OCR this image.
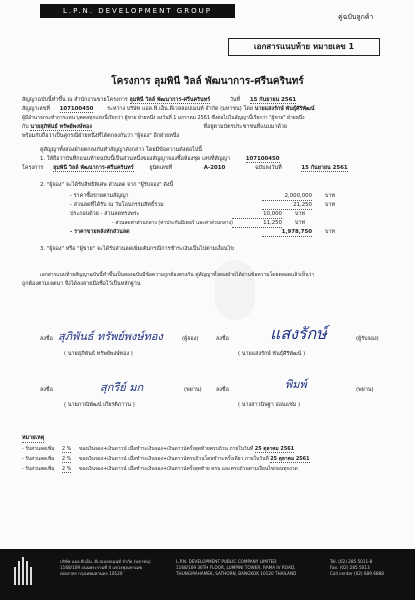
L.P.N. DEVELOPMENT GROUP
คู่ฉบับลูกค้า
เอกสารแนบท้าย หมายเลข 1
โครงการ ลุมพินี วิลล์ พัฒนาการ-ศรีนครินทร์
สัญญาฉบับนี้ทำขึ้น ณ สำนักงานขายโครงการ ลุมพินี วิลล์ พัฒนาการ-ศรีนครินทร์	วันที่ 15 กันยายน 2561
สัญญาเลขที่ 107100450	ระหว่าง บริษัท แอล.พี.เอ็น.ดีเวลลอปเมนท์ จำกัด (มหาชน) โดย นายแสงรักษ์ พันธุ์ศิริพัฒน์
ผู้มีอำนาจกระทำการแทน บุคคลทุกแห่งนี้เรียกว่า ผู้ขาย ฝ่ายหนึ่ง ลงวันที่ 1 มกราคม 2561 ซึ่งต่อไปในสัญญานี้เรียกว่า "ผู้ขาย" ฝ่ายหนึ่ง
กับ นายสุภิพันธ์ ทรัพย์พงษ์ทอง	ที่อยู่ตามบัตรประชาชนที่แนบมาด้วย
พร้อมกับถือว่าเป็นคู่กรณีฝ่ายหนึ่งที่ได้ตกลงกันว่า "ผู้จอง" อีกฝ่ายหนึ่ง
คู่สัญญาทั้งสองฝ่ายตกลงกันทำสัญญาดังกล่าว โดยมีข้อความดังต่อไปนี้
1. ให้ถือว่าบันทึกแนบท้ายฉบับนี้เป็นส่วนหนึ่งของสัญญาจองซื้อห้องชุด เลขที่สัญญา	107100450
โครงการ ลุมพินี วิลล์ พัฒนาการ-ศรีนครินทร์	ยูนิตเลขที่	A-2010	ฉบับลงวันที่	15 กันยายน 2561
2. "ผู้จอง" จะได้รับสิทธิพิเศษ ส่วนลด จาก "ผู้รับจอง" ดังนี้
- ราคาซื้อขายตามสัญญา	2,000,000 บาท
- ส่วนลดที่ได้รับ ณ วันโอนกรรมสิทธิ์รวม	21,250 บาท
ประกอบด้วย - ส่วนลดทรงพระ	10,000 บาท
- ส่วนลดค่าส่วนกลาง (ค่าประกันมิเตอร์ และค่าส่วนกลาง)	11,250 บาท
- ราคาขายหลังหักส่วนลด	1,978,750 บาท
3. "ผู้จอง" หรือ "ผู้ขาย" จะได้รับส่วนลดเพิ่มเติมกรณีการชำระเงินเป็นไปตามเงื่อนไข
เอกสารแนบท้ายสัญญาฉบับนี้ทำขึ้นเป็นสองฉบับมีข้อความถูกต้องตรงกัน คู่สัญญาทั้งสองฝ่ายได้อ่านข้อความโดยตลอดแล้วเห็นว่า
ถูกต้องตามเจตนา จึงได้ลงลายมือชื่อไว้เป็นหลักฐาน
ลงชื่อ สุภิพันธ์ ทรัพย์พงษ์ทอง	(ผู้จอง)
( นายสุภิพันธ์ ทรัพย์พงษ์ทอง )
ลงชื่อ	แสงรักษ์	(ผู้รับจอง)
( นายแสงรักษ์ พันธุ์ศิริพัฒน์ )
ลงชื่อ	สุกรีย์ มก	(พยาน)
( นายภาณิพัฒน์ เกียรติภาวน )
ลงชื่อ	พิมพ์	(พยาน)
( นางสาวนิษฐา อ่อนแช่ม )
หมายเหตุ
- รับส่วนลดเพิ่ม 2 % ของเงินจอง+เงินดาวน์ เมื่อชำระเงินจอง+เงินดาวน์ครั้งสุดท้ายครบถ้วน ภายในวันที่ 25 ตุลาคม 2561
- รับส่วนลดเพิ่ม 2 % ของเงินจอง+เงินดาวน์ เมื่อชำระเงินจอง+เงินดาวน์ครบถ้วนโดยชำระครั้งเดียว ภายในวันที่ 25 ตุลาคม 2561
- รับส่วนลดเพิ่ม 2 % ของเงินจอง+เงินดาวน์ เมื่อชำระเงินจอง+เงินดาวน์ครั้งสุดท้าย ครบ และครบถ้วนตามเงื่อนไขก่อนทุกงวด
บริษัท แอล.พี.เอ็น. ดีเวลลอปเมนท์ จำกัด (มหาชน)
1168/109 ถนนพระรามที่ 4 แขวงทุ่งมหาเมฆ
เขตสาทร กรุงเทพมหานคร 10120
L.P.N. DEVELOPMENT PUBLIC COMPANY LIMITED
1168/109 36TH FLOOR, LUMPINI TOWER, RAMA IV ROAD,
THUNGMAHAMEK, SATHORN, BANGKOK 10120 THAILAND
Tel. (02) 285 5011-8
Fax. (02) 285 5013
Call center (02) 689 6888
